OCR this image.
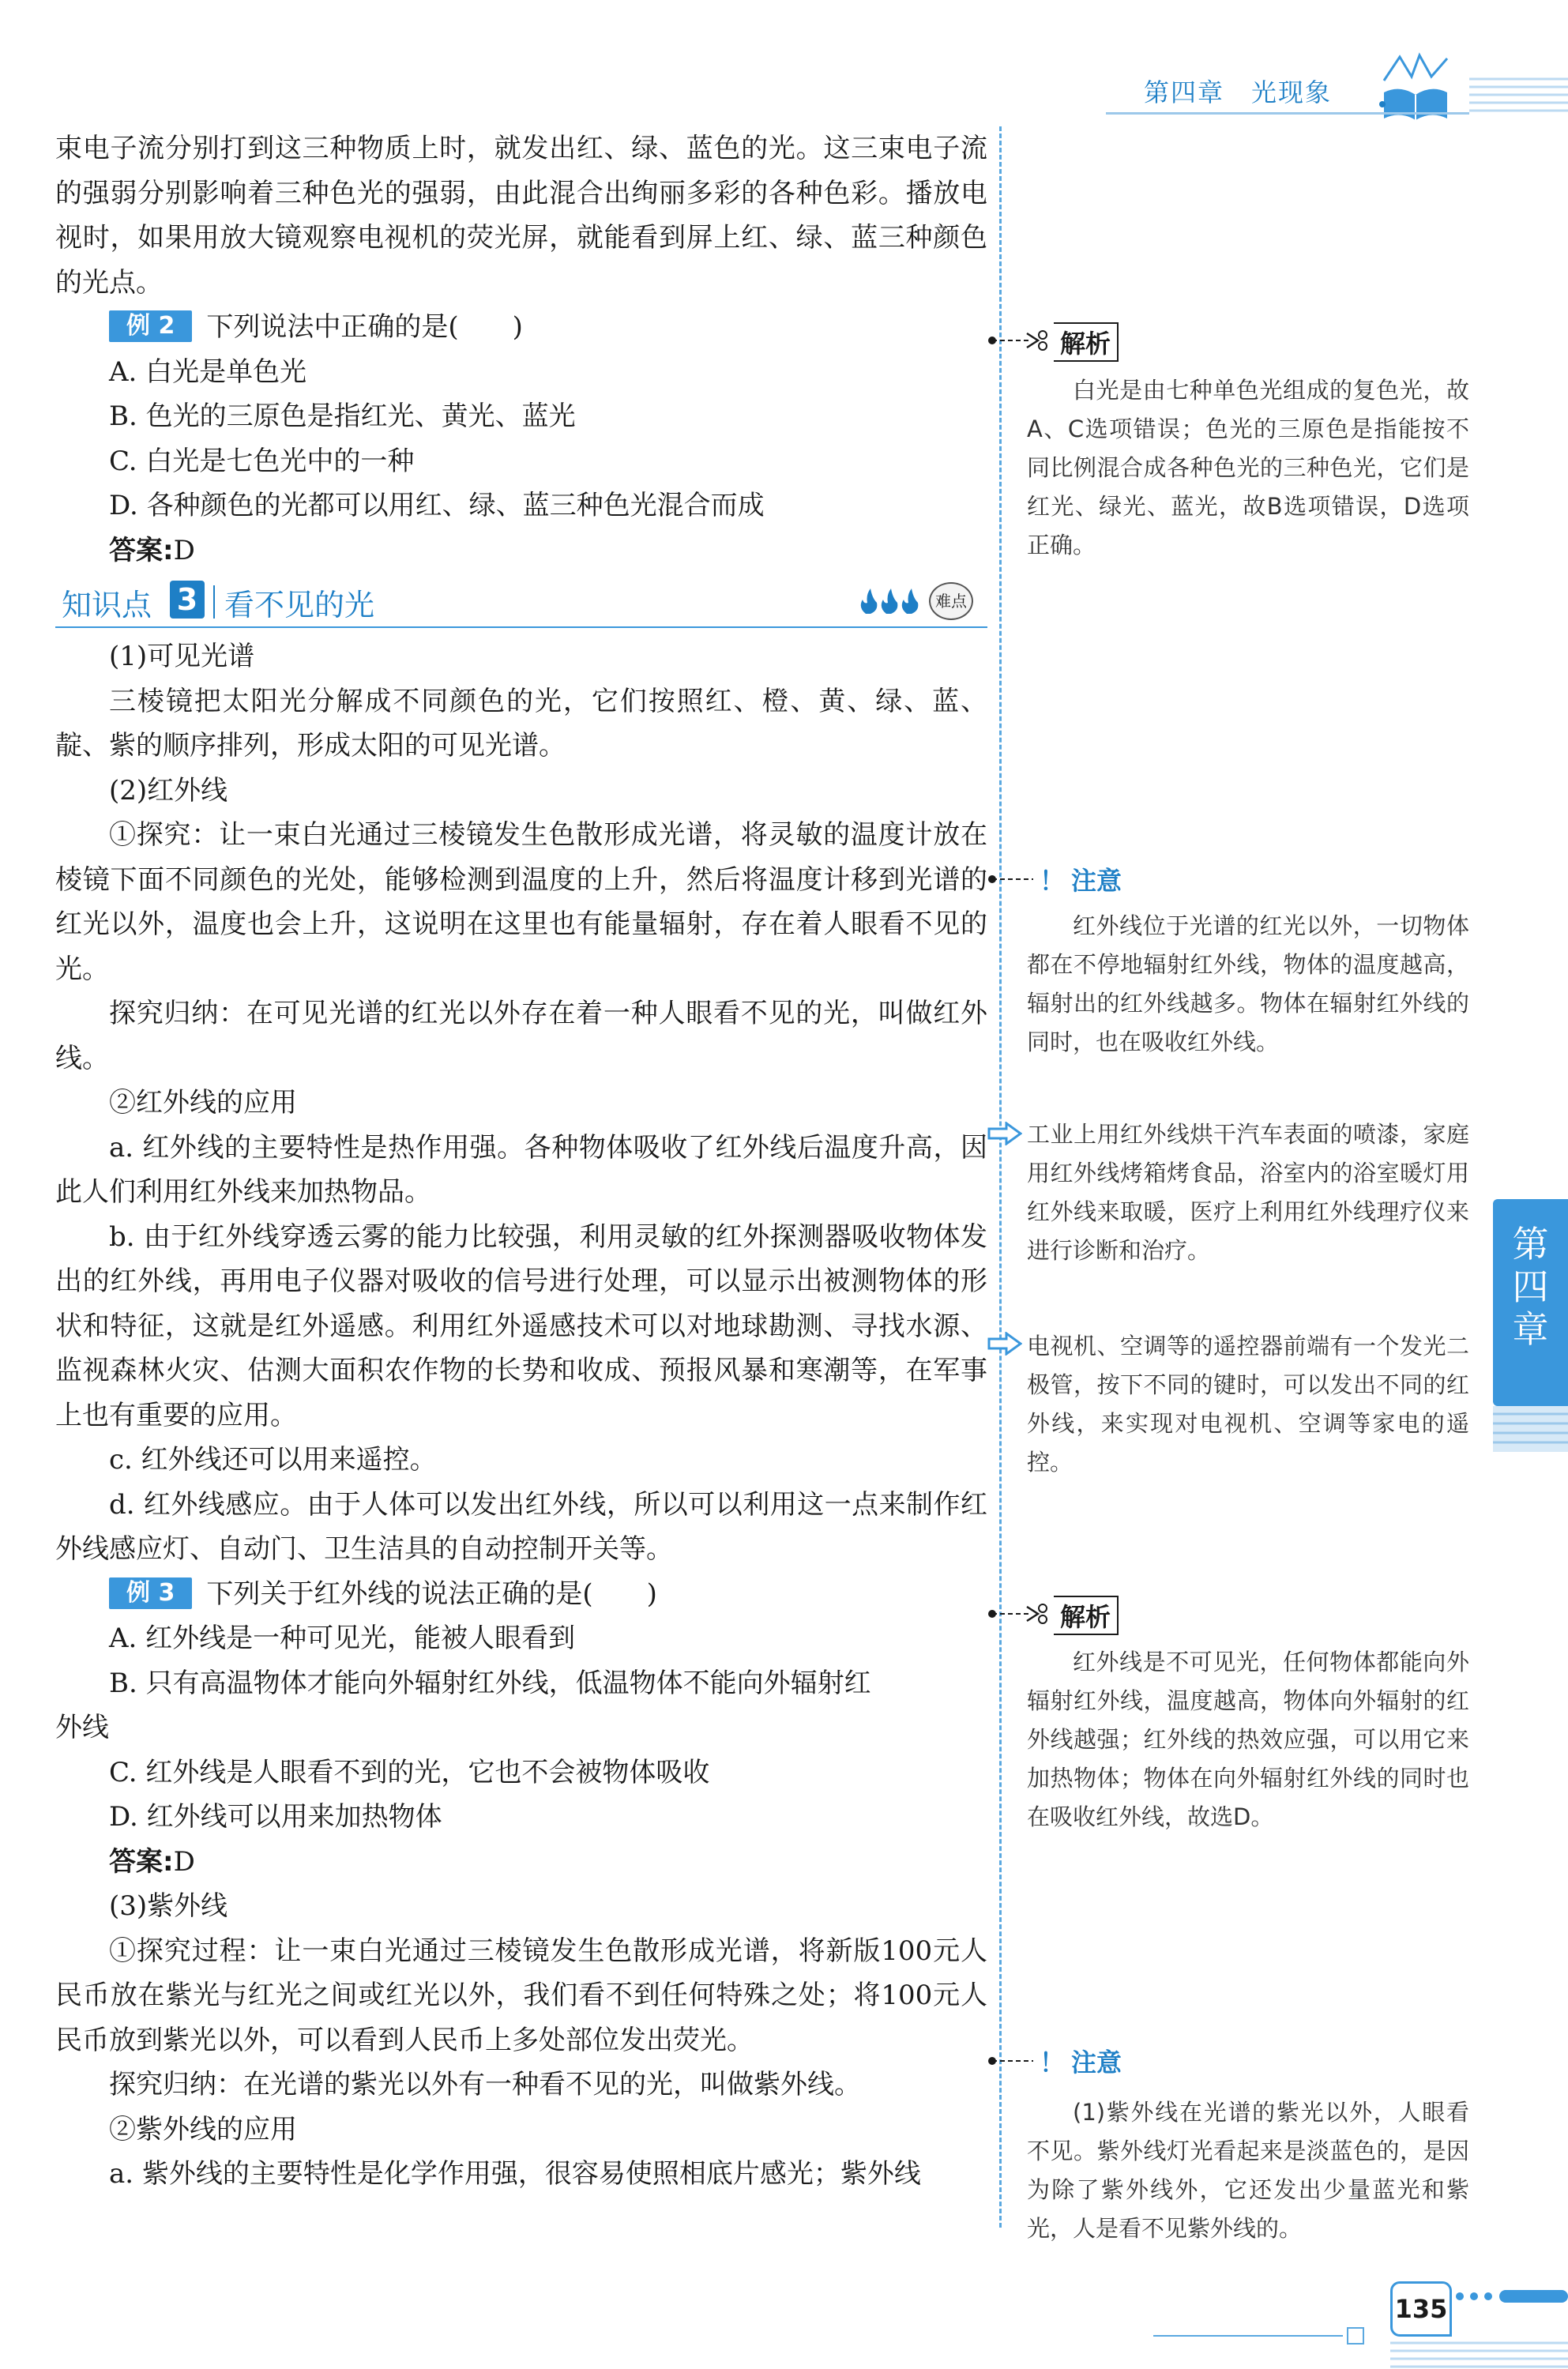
第四章　 光现象

束电子流分别打到这三种物质上时，就发出红、绿、蓝色的光。这三束电子流的强弱分别影响着三种色光的强弱，由此混合出绚丽多彩的各种色彩。播放电视时，如果用放大镜观察电视机的荧光屏，就能看到屏上红、绿、蓝三种颜色的光点。

例 2 下列说法中正确的是(　　)

A. 白光是单色光

B. 色光的三原色是指红光、黄光、蓝光

C. 白光是七色光中的一种

D. 各种颜色的光都可以用红、绿、蓝三种色光混合而成

答案:D

知识点 3 看不见的光	难点

(1)可见光谱

三棱镜把太阳光分解成不同颜色的光，它们按照红、橙、黄、绿、蓝、靛、紫的顺序排列，形成太阳的可见光谱。

(2)红外线

①探究：让一束白光通过三棱镜发生色散形成光谱，将灵敏的温度计放在棱镜下面不同颜色的光处，能够检测到温度的上升，然后将温度计移到光谱的红光以外，温度也会上升，这说明在这里也有能量辐射，存在着人眼看不见的光。

探究归纳：在可见光谱的红光以外存在着一种人眼看不见的光，叫做红外线。

②红外线的应用

a. 红外线的主要特性是热作用强。各种物体吸收了红外线后温度升高，因此人们利用红外线来加热物品。

b. 由于红外线穿透云雾的能力比较强，利用灵敏的红外探测器吸收物体发出的红外线，再用电子仪器对吸收的信号进行处理，可以显示出被测物体的形状和特征，这就是红外遥感。利用红外遥感技术可以对地球勘测、寻找水源、监视森林火灾、估测大面积农作物的长势和收成、预报风暴和寒潮等，在军事上也有重要的应用。

c. 红外线还可以用来遥控。

d. 红外线感应。由于人体可以发出红外线，所以可以利用这一点来制作红外线感应灯、自动门、卫生洁具的自动控制开关等。

例 3 下列关于红外线的说法正确的是(　　)

A. 红外线是一种可见光，能被人眼看到

B. 只有高温物体才能向外辐射红外线，低温物体不能向外辐射红
外线

C. 红外线是人眼看不到的光，它也不会被物体吸收

D. 红外线可以用来加热物体

答案:D

(3)紫外线

①探究过程：让一束白光通过三棱镜发生色散形成光谱，将新版100元人民币放在紫光与红光之间或红光以外，我们看不到任何特殊之处；将100元人民币放到紫光以外，可以看到人民币上多处部位发出荧光。

探究归纳：在光谱的紫光以外有一种看不见的光，叫做紫外线。

②紫外线的应用

a. 紫外线的主要特性是化学作用强，很容易使照相底片感光；紫外线

解析

白光是由七种单色光组成的复色光，故A、C选项错误；色光的三原色是指能按不同比例混合成各种色光的三种色光，它们是红光、绿光、蓝光，故B选项错误，D选项正确。

！ 注意

红外线位于光谱的红光以外，一切物体都在不停地辐射红外线，物体的温度越高，辐射出的红外线越多。物体在辐射红外线的同时，也在吸收红外线。

工业上用红外线烘干汽车表面的喷漆，家庭用红外线烤箱烤食品，浴室内的浴室暖灯用红外线来取暖，医疗上利用红外线理疗仪来进行诊断和治疗。

电视机、空调等的遥控器前端有一个发光二极管，按下不同的键时，可以发出不同的红外线，来实现对电视机、空调等家电的遥控。

解析

红外线是不可见光，任何物体都能向外辐射红外线，温度越高，物体向外辐射的红外线越强；红外线的热效应强，可以用它来加热物体；物体在向外辐射红外线的同时也在吸收红外线，故选D。

！ 注意

(1)紫外线在光谱的紫光以外，人眼看不见。紫外线灯光看起来是淡蓝色的，是因为除了紫外线外，它还发出少量蓝光和紫光，人是看不见紫外线的。

第
四
章
135
